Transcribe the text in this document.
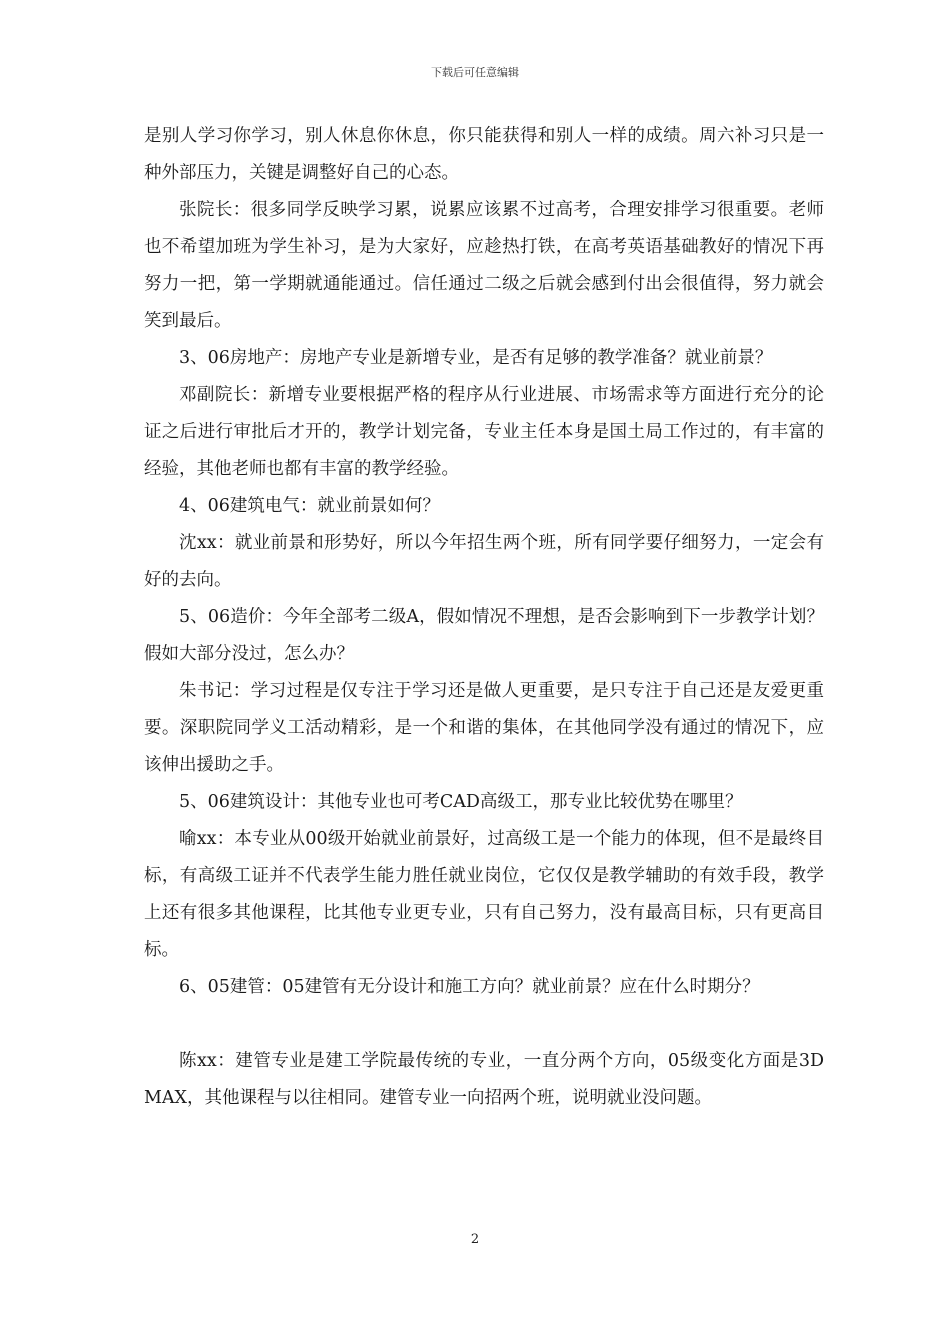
下载后可任意编辑

是别人学习你学习，别人休息你休息，你只能获得和别人一样的成绩。周六补习只是一种外部压力，关键是调整好自己的心态。

张院长：很多同学反映学习累，说累应该累不过高考，合理安排学习很重要。老师也不希望加班为学生补习，是为大家好，应趁热打铁，在高考英语基础教好的情况下再努力一把，第一学期就通能通过。信任通过二级之后就会感到付出会很值得，努力就会笑到最后。

3、06房地产：房地产专业是新增专业，是否有足够的教学准备？就业前景？

邓副院长：新增专业要根据严格的程序从行业进展、市场需求等方面进行充分的论证之后进行审批后才开的，教学计划完备，专业主任本身是国土局工作过的，有丰富的经验，其他老师也都有丰富的教学经验。

4、06建筑电气：就业前景如何？

沈xx：就业前景和形势好，所以今年招生两个班，所有同学要仔细努力，一定会有好的去向。

5、06造价：今年全部考二级A，假如情况不理想，是否会影响到下一步教学计划？假如大部分没过，怎么办？

朱书记：学习过程是仅专注于学习还是做人更重要，是只专注于自己还是友爱更重要。深职院同学义工活动精彩，是一个和谐的集体，在其他同学没有通过的情况下，应该伸出援助之手。

5、06建筑设计：其他专业也可考CAD高级工，那专业比较优势在哪里？

喻xx：本专业从00级开始就业前景好，过高级工是一个能力的体现，但不是最终目标，有高级工证并不代表学生能力胜任就业岗位，它仅仅是教学辅助的有效手段，教学上还有很多其他课程，比其他专业更专业，只有自己努力，没有最高目标，只有更高目标。

6、05建管：05建管有无分设计和施工方向？就业前景？应在什么时期分？

陈xx：建管专业是建工学院最传统的专业，一直分两个方向，05级变化方面是3DMAX，其他课程与以往相同。建管专业一向招两个班，说明就业没问题。

2
